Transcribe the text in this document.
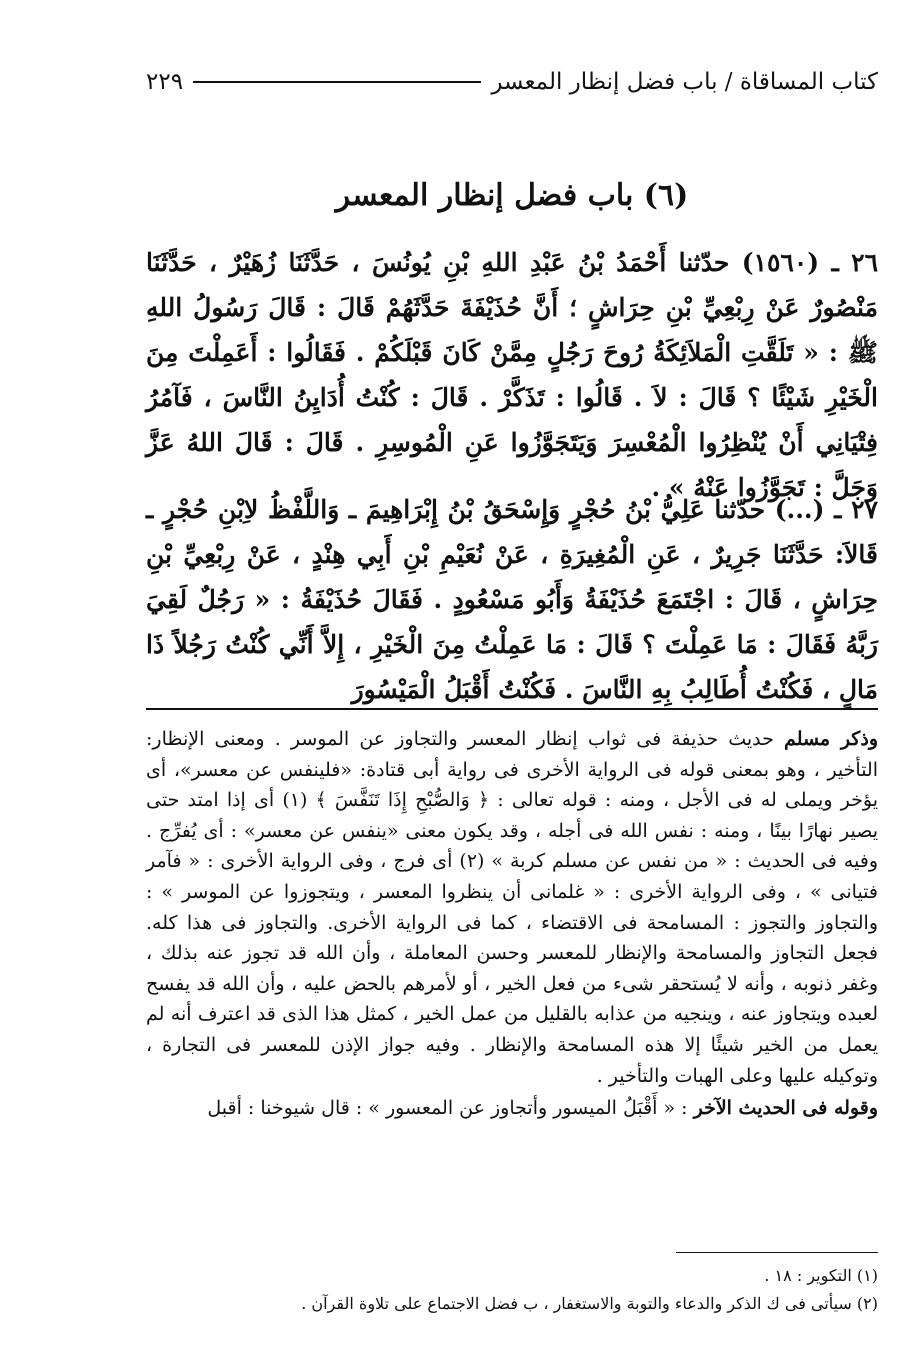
كتاب المساقاة / باب فضل إنظار المعسر
٢٢٩
(٦) باب فضل إنظار المعسر
٢٦ ـ (١٥٦٠) حدّثنا أَحْمَدُ بْنُ عَبْدِ اللهِ بْنِ يُونُسَ ، حَدَّثَنَا زُهَيْرٌ ، حَدَّثَنَا مَنْصُورٌ عَنْ رِبْعِيِّ بْنِ حِرَاشٍ ؛ أَنَّ حُذَيْفَةَ حَدَّثَهُمْ قَالَ : قَالَ رَسُولُ اللهِ ﷺ : « تَلَقَّتِ الْمَلاَئِكَةُ رُوحَ رَجُلٍ مِمَّنْ كَانَ قَبْلَكُمْ . فَقَالُوا : أَعَمِلْتَ مِنَ الْخَيْرِ شَيْئًا ؟ قَالَ : لاَ . قَالُوا : تَذَكَّرْ . قَالَ : كُنْتُ أُدَايِنُ النَّاسَ ، فَآمُرُ فِتْيَانِي أَنْ يُنْظِرُوا الْمُعْسِرَ وَيَتَجَوَّزُوا عَنِ الْمُوسِرِ . قَالَ : قَالَ اللهُ عَزَّ وَجَلَّ : تَجَوَّزُوا عَنْهُ » .
٢٧ ـ (...) حدّثنا عَلِيُّ بْنُ حُجْرٍ وَإِسْحَقُ بْنُ إِبْرَاهِيمَ ـ وَاللَّفْظُ لاِبْنِ حُجْرٍ ـ قَالاَ: حَدَّثَنَا جَرِيرٌ ، عَنِ الْمُغِيرَةِ ، عَنْ نُعَيْمِ بْنِ أَبِي هِنْدٍ ، عَنْ رِبْعِيِّ بْنِ حِرَاشٍ ، قَالَ : اجْتَمَعَ حُذَيْفَةُ وَأَبُو مَسْعُودٍ . فَقَالَ حُذَيْفَةُ : « رَجُلٌ لَقِيَ رَبَّهُ فَقَالَ : مَا عَمِلْتَ ؟ قَالَ : مَا عَمِلْتُ مِنَ الْخَيْرِ ، إِلاَّ أَنِّي كُنْتُ رَجُلاً ذَا مَالٍ ، فَكُنْتُ أُطَالِبُ بِهِ النَّاسَ . فَكُنْتُ أَقْبَلُ الْمَيْسُورَ

وذكر مسلم حديث حذيفة فى ثواب إنظار المعسر والتجاوز عن الموسر . ومعنى الإنظار: التأخير ، وهو بمعنى قوله فى الرواية الأخرى فى رواية أبى قتادة: «فلينفس عن معسر»، أى يؤخر ويملى له فى الأجل ، ومنه : قوله تعالى : ﴿ وَالصُّبْحِ إِذَا تَنَفَّسَ ﴾ (١) أى إذا امتد حتى يصير نهارًا بينًا ، ومنه : نفس الله فى أجله ، وقد يكون معنى «ينفس عن معسر» : أى يُفرِّج . وفيه فى الحديث : « من نفس عن مسلم كربة » (٢) أى فرج ، وفى الرواية الأخرى : « فآمر فتيانى » ، وفى الرواية الأخرى : « غلمانى أن ينظروا المعسر ، ويتجوزوا عن الموسر » : والتجاوز والتجوز : المسامحة فى الاقتضاء ، كما فى الرواية الأخرى. والتجاوز فى هذا كله. فجعل التجاوز والمسامحة والإنظار للمعسر وحسن المعاملة ، وأن الله قد تجوز عنه بذلك ، وغفر ذنوبه ، وأنه لا يُستحقر شىء من فعل الخير ، أو لأمرهم بالحض عليه ، وأن الله قد يفسح لعبده ويتجاوز عنه ، وينجيه من عذابه بالقليل من عمل الخير ، كمثل هذا الذى قد اعترف أنه لم يعمل من الخير شيئًا إلا هذه المسامحة والإنظار . وفيه جواز الإذن للمعسر فى التجارة ، وتوكيله عليها وعلى الهبات والتأخير .

وقوله فى الحديث الآخر : « أَقْبَلُ الميسور وأتجاوز عن المعسور » : قال شيوخنا : أقبل

(١) التكوير : ١٨ .
(٢) سيأتى فى ك الذكر والدعاء والتوبة والاستغفار ، ب فضل الاجتماع على تلاوة القرآن .
